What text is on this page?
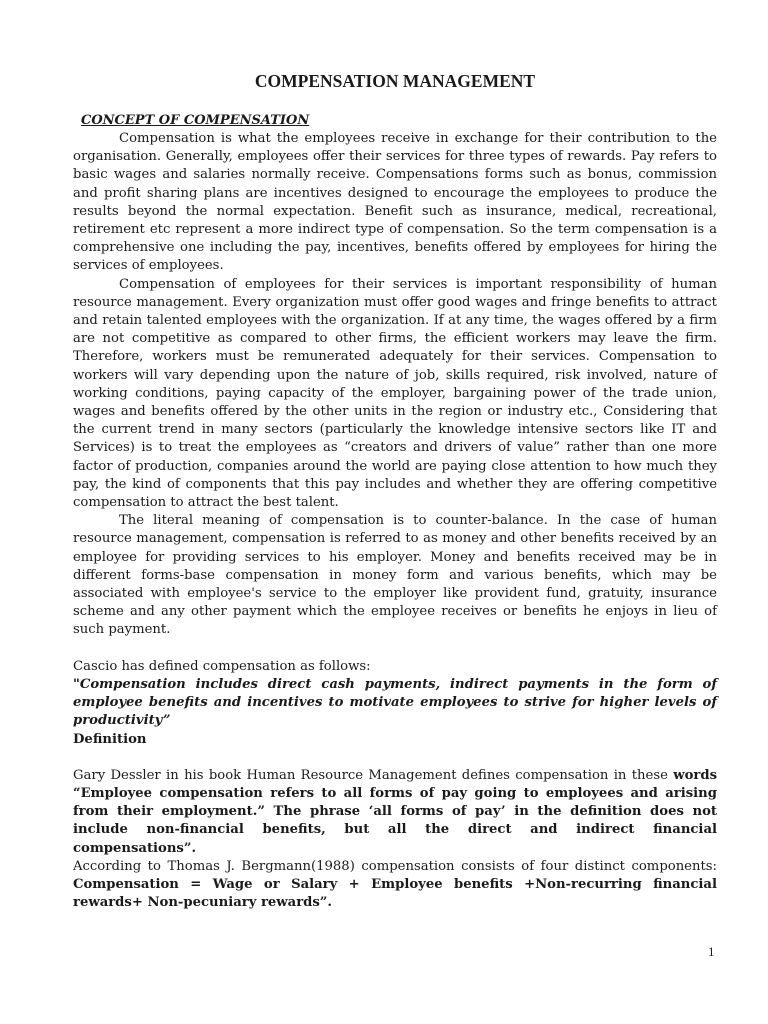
COMPENSATION MANAGEMENT
CONCEPT OF COMPENSATION

Compensation is what the employees receive in exchange for their contribution to the organisation. Generally, employees offer their services for three types of rewards. Pay refers to basic wages and salaries normally receive. Compensations forms such as bonus, commission and profit sharing plans are incentives designed to encourage the employees to produce the results beyond the normal expectation. Benefit such as insurance, medical, recreational, retirement etc represent a more indirect type of compensation. So the term compensation is a comprehensive one including the pay, incentives, benefits offered by employees for hiring the services of employees.

Compensation of employees for their services is important responsibility of human resource management. Every organization must offer good wages and fringe benefits to attract and retain talented employees with the organization. If at any time, the wages offered by a firm are not competitive as compared to other firms, the efficient workers may leave the firm. Therefore, workers must be remunerated adequately for their services. Compensation to workers will vary depending upon the nature of job, skills required, risk involved, nature of working conditions, paying capacity of the employer, bargaining power of the trade union, wages and benefits offered by the other units in the region or industry etc., Considering that the current trend in many sectors (particularly the knowledge intensive sectors like IT and Services) is to treat the employees as “creators and drivers of value” rather than one more factor of production, companies around the world are paying close attention to how much they pay, the kind of components that this pay includes and whether they are offering competitive compensation to attract the best talent.

The literal meaning of compensation is to counter-balance. In the case of human resource management, compensation is referred to as money and other benefits received by an employee for providing services to his employer. Money and benefits received may be in different forms-base compensation in money form and various benefits, which may be associated with employee's service to the employer like provident fund, gratuity, insurance scheme and any other payment which the employee receives or benefits he enjoys in lieu of such payment.

Cascio has defined compensation as follows:

"Compensation includes direct cash payments, indirect payments in the form of employee benefits and incentives to motivate employees to strive for higher levels of productivity”

Definition

Gary Dessler in his book Human Resource Management defines compensation in these words “Employee compensation refers to all forms of pay going to employees and arising from their employment.” The phrase ‘all forms of pay’ in the definition does not include non-financial benefits, but all the direct and indirect financial compensations”.

According to Thomas J. Bergmann(1988) compensation consists of four distinct components: Compensation = Wage or Salary + Employee benefits +Non-recurring financial rewards+ Non-pecuniary rewards”.

1
